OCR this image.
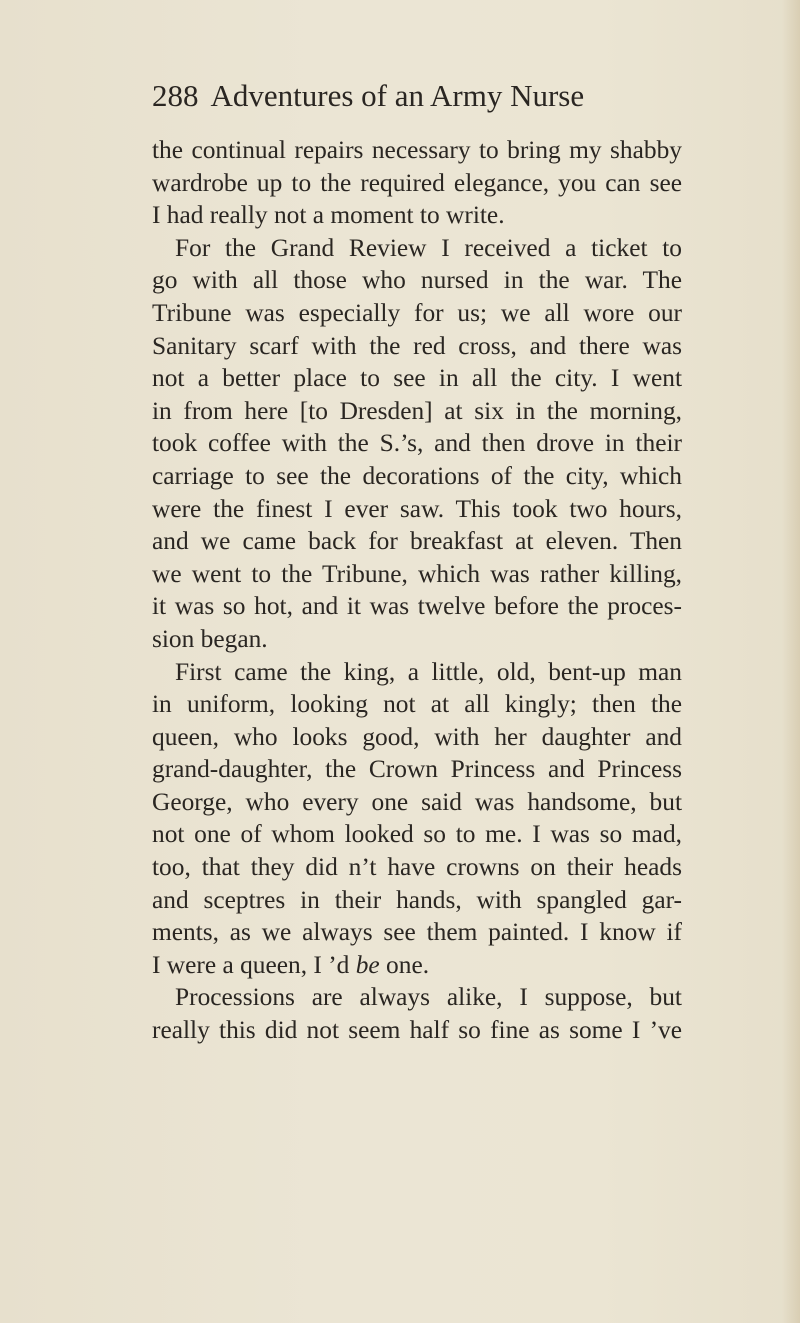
288 Adventures of an Army Nurse
the continual repairs necessary to bring my shabby
wardrobe up to the required elegance, you can see
I had really not a moment to write.
For the Grand Review I received a ticket to
go with all those who nursed in the war. The
Tribune was especially for us; we all wore our
Sanitary scarf with the red cross, and there was
not a better place to see in all the city. I went
in from here [to Dresden] at six in the morning,
took coffee with the S.’s, and then drove in their
carriage to see the decorations of the city, which
were the finest I ever saw. This took two hours,
and we came back for breakfast at eleven. Then
we went to the Tribune, which was rather killing,
it was so hot, and it was twelve before the proces-
sion began.
First came the king, a little, old, bent-up man
in uniform, looking not at all kingly; then the
queen, who looks good, with her daughter and
grand-daughter, the Crown Princess and Princess
George, who every one said was handsome, but
not one of whom looked so to me. I was so mad,
too, that they did n’t have crowns on their heads
and sceptres in their hands, with spangled gar-
ments, as we always see them painted. I know if
I were a queen, I ’d be one.
Processions are always alike, I suppose, but
really this did not seem half so fine as some I ’ve
